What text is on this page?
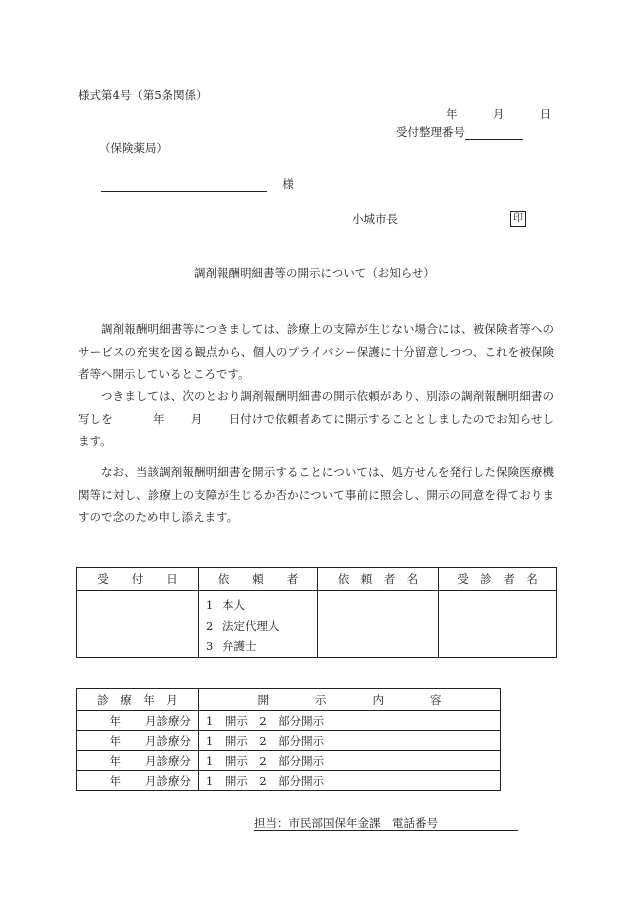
様式第4号（第5条関係）
年	月	日
受付整理番号
（保険薬局）
様
小城市長	印
調剤報酬明細書等の開示について（お知らせ）

調剤報酬明細書等につきましては、診療上の支障が生じない場合には、被保険者等へのサービスの充実を図る観点から、個人のプライバシー保護に十分留意しつつ、これを被保険者等へ開示しているところです。

つきましては、次のとおり調剤報酬明細書の開示依頼があり、別添の調剤報酬明細書の写しを	年 月 日付けで依頼者あてに開示することとしましたのでお知らせします。

なお、当該調剤報酬明細書を開示することについては、処方せんを発行した保険医療機関等に対し、診療上の支障が生じるか否かについて事前に照会し、開示の同意を得ておりますので念のため申し添えます。

受　　付　　日	依　　頼　　者	依　頼　者　名	受　診　者　名

	1 本人
2 法定代理人
3 弁護士		

診　療　年　月	開　　　　示　　　　内　　　　容
年 月診療分	1　開示　2　部分開示
年 月診療分	1　開示　2　部分開示
年 月診療分	1　開示　2　部分開示
年 月診療分	1　開示　2　部分開示
担当：市民部国保年金課　電話番号
